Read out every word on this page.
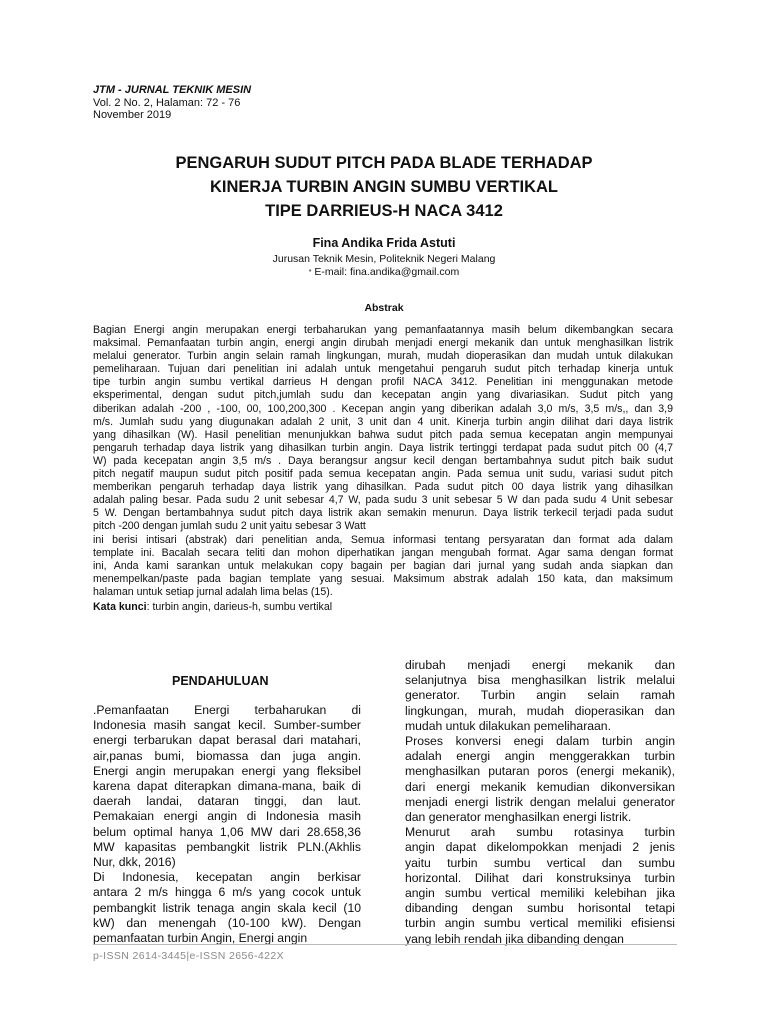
JTM - JURNAL TEKNIK MESIN
Vol. 2 No. 2, Halaman: 72 - 76
November 2019
PENGARUH SUDUT PITCH PADA BLADE TERHADAP
KINERJA TURBIN ANGIN SUMBU VERTIKAL
TIPE DARRIEUS-H NACA 3412
Fina Andika Frida Astuti
Jurusan Teknik Mesin, Politeknik Negeri Malang
* E-mail: fina.andika@gmail.com
Abstrak
Bagian Energi angin merupakan energi terbaharukan yang pemanfaatannya masih belum dikembangkan secara
maksimal. Pemanfaatan turbin angin, energi angin dirubah menjadi energi mekanik dan untuk menghasilkan listrik
melalui generator. Turbin angin selain ramah lingkungan, murah, mudah dioperasikan dan mudah untuk dilakukan
pemeliharaan. Tujuan dari penelitian ini adalah untuk mengetahui pengaruh sudut pitch terhadap kinerja untuk
tipe turbin angin sumbu vertikal darrieus H dengan profil NACA 3412. Penelitian ini menggunakan metode
eksperimental, dengan sudut pitch,jumlah sudu dan kecepatan angin yang divariasikan. Sudut pitch yang
diberikan adalah -200 , -100, 00, 100,200,300 . Kecepan angin yang diberikan adalah 3,0 m/s, 3,5 m/s,, dan 3,9
m/s. Jumlah sudu yang diugunakan adalah 2 unit, 3 unit dan 4 unit. Kinerja turbin angin dilihat dari daya listrik
yang dihasilkan (W). Hasil penelitian menunjukkan bahwa sudut pitch pada semua kecepatan angin mempunyai
pengaruh terhadap daya listrik yang dihasilkan turbin angin. Daya listrik tertinggi terdapat pada sudut pitch 00 (4,7
W) pada kecepatan angin 3,5 m/s . Daya berangsur angsur kecil dengan bertambahnya sudut pitch baik sudut
pitch negatif maupun sudut pitch positif pada semua kecepatan angin. Pada semua unit sudu, variasi sudut pitch
memberikan pengaruh terhadap daya listrik yang dihasilkan. Pada sudut pitch 00 daya listrik yang dihasilkan
adalah paling besar. Pada sudu 2 unit sebesar 4,7 W, pada sudu 3 unit sebesar 5 W dan pada sudu 4 Unit sebesar
5 W. Dengan bertambahnya sudut pitch daya listrik akan semakin menurun. Daya listrik terkecil terjadi pada sudut
pitch -200 dengan jumlah sudu 2 unit yaitu sebesar 3 Watt
ini berisi intisari (abstrak) dari penelitian anda, Semua informasi tentang persyaratan dan format ada dalam
template ini. Bacalah secara teliti dan mohon diperhatikan jangan mengubah format. Agar sama dengan format
ini, Anda kami sarankan untuk melakukan copy bagain per bagian dari jurnal yang sudah anda siapkan dan
menempelkan/paste pada bagian template yang sesuai. Maksimum abstrak adalah 150 kata, dan maksimum
halaman untuk setiap jurnal adalah lima belas (15).
Kata kunci: turbin angin, darieus-h, sumbu vertikal
PENDAHULUAN
.Pemanfaatan Energi terbaharukan di
Indonesia masih sangat kecil. Sumber-sumber
energi terbarukan dapat berasal dari matahari,
air,panas bumi, biomassa dan juga angin.
Energi angin merupakan energi yang fleksibel
karena dapat diterapkan dimana-mana, baik di
daerah landai, dataran tinggi, dan laut.
Pemakaian energi angin di Indonesia masih
belum optimal hanya 1,06 MW dari 28.658,36
MW kapasitas pembangkit listrik PLN.(Akhlis
Nur, dkk, 2016)
Di Indonesia, kecepatan angin berkisar
antara 2 m/s hingga 6 m/s yang cocok untuk
pembangkit listrik tenaga angin skala kecil (10
kW) dan menengah (10-100 kW). Dengan
pemanfaatan turbin Angin, Energi angin
dirubah menjadi energi mekanik dan
selanjutnya bisa menghasilkan listrik melalui
generator. Turbin angin selain ramah
lingkungan, murah, mudah dioperasikan dan
mudah untuk dilakukan pemeliharaan.
Proses konversi enegi dalam turbin angin
adalah energi angin menggerakkan turbin
menghasilkan putaran poros (energi mekanik),
dari energi mekanik kemudian dikonversikan
menjadi energi listrik dengan melalui generator
dan generator menghasilkan energi listrik.
Menurut arah sumbu rotasinya turbin
angin dapat dikelompokkan menjadi 2 jenis
yaitu turbin sumbu vertical dan sumbu
horizontal. Dilihat dari konstruksinya turbin
angin sumbu vertical memiliki kelebihan jika
dibanding dengan sumbu horisontal tetapi
turbin angin sumbu vertical memiliki efisiensi
yang lebih rendah jika dibanding dengan
p-ISSN 2614-3445|e-ISSN 2656-422X
